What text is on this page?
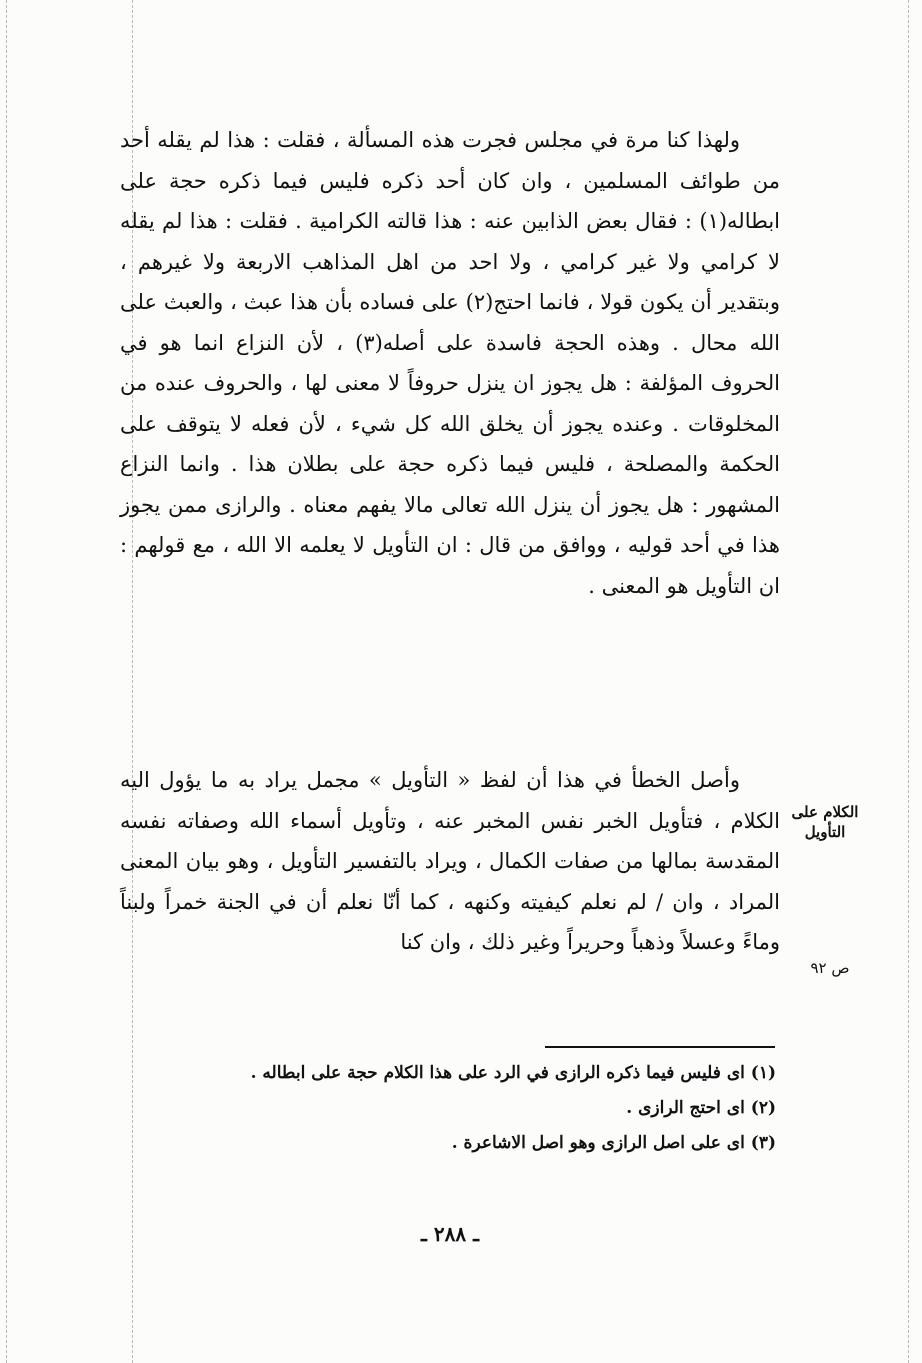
ولهذا كنا مرة في مجلس فجرت هذه المسألة ، فقلت : هذا لم يقله أحد من طوائف المسلمين ، وان كان أحد ذكره فليس فيما ذكره حجة على ابطاله(١) : فقال بعض الذابين عنه : هذا قالته الكرامية . فقلت : هذا لم يقله لا كرامي ولا غير كرامي ، ولا احد من اهل المذاهب الاربعة ولا غيرهم ، وبتقدير أن يكون قولا ، فانما احتج(٢) على فساده بأن هذا عبث ، والعبث على الله محال . وهذه الحجة فاسدة على أصله(٣) ، لأن النزاع انما هو في الحروف المؤلفة : هل يجوز ان ينزل حروفاً لا معنى لها ، والحروف عنده من المخلوقات . وعنده يجوز أن يخلق الله كل شيء ، لأن فعله لا يتوقف على الحكمة والمصلحة ، فليس فيما ذكره حجة على بطلان هذا . وانما النزاع المشهور : هل يجوز أن ينزل الله تعالى مالا يفهم معناه . والرازى ممن يجوز هذا في أحد قوليه ، ووافق من قال : ان التأويل لا يعلمه الا الله ، مع قولهم : ان التأويل هو المعنى .

وأصل الخطأ في هذا أن لفظ « التأويل » مجمل يراد به ما يؤول اليه الكلام ، فتأويل الخبر نفس المخبر عنه ، وتأويل أسماء الله وصفاته نفسه المقدسة بمالها من صفات الكمال ، ويراد بالتفسير التأويل ، وهو بيان المعنى المراد ، وان / لم نعلم كيفيته وكنهه ، كما أنّا نعلم أن في الجنة خمراً ولبناً وماءً وعسلاً وذهباً وحريراً وغير ذلك ، وان كنا

الكلام على التأويل
ص ٩٢

(١) اى فليس فيما ذكره الرازى في الرد على هذا الكلام حجة على ابطاله .

(٢) اى احتج الرازى .

(٣) اى على اصل الرازى وهو اصل الاشاعرة .

ـ ٢٨٨ ـ
